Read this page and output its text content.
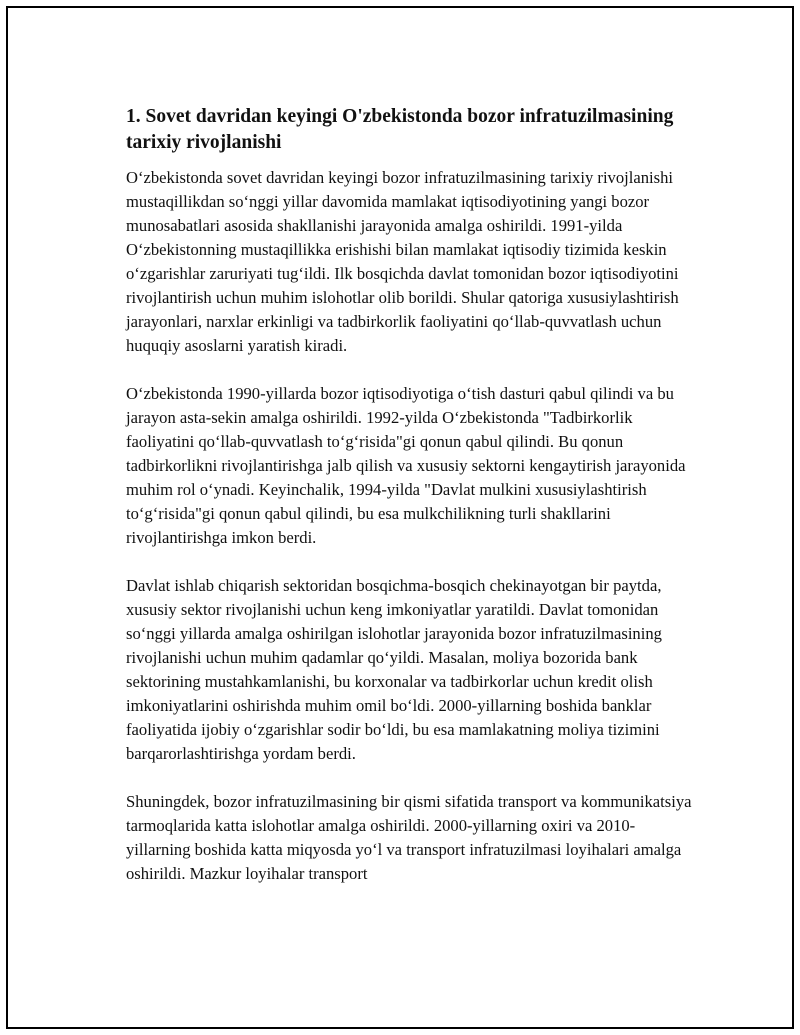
1. Sovet davridan keyingi O'zbekistonda bozor infratuzilmasining tarixiy rivojlanishi

O‘zbekistonda sovet davridan keyingi bozor infratuzilmasining tarixiy rivojlanishi mustaqillikdan so‘nggi yillar davomida mamlakat iqtisodiyotining yangi bozor munosabatlari asosida shakllanishi jarayonida amalga oshirildi. 1991-yilda O‘zbekistonning mustaqillikka erishishi bilan mamlakat iqtisodiy tizimida keskin o‘zgarishlar zaruriyati tug‘ildi. Ilk bosqichda davlat tomonidan bozor iqtisodiyotini rivojlantirish uchun muhim islohotlar olib borildi. Shular qatoriga xususiylashtirish jarayonlari, narxlar erkinligi va tadbirkorlik faoliyatini qo‘llab-quvvatlash uchun huquqiy asoslarni yaratish kiradi.

O‘zbekistonda 1990-yillarda bozor iqtisodiyotiga o‘tish dasturi qabul qilindi va bu jarayon asta-sekin amalga oshirildi. 1992-yilda O‘zbekistonda "Tadbirkorlik faoliyatini qo‘llab-quvvatlash to‘g‘risida"gi qonun qabul qilindi. Bu qonun tadbirkorlikni rivojlantirishga jalb qilish va xususiy sektorni kengaytirish jarayonida muhim rol o‘ynadi. Keyinchalik, 1994-yilda "Davlat mulkini xususiylashtirish to‘g‘risida"gi qonun qabul qilindi, bu esa mulkchilikning turli shakllarini rivojlantirishga imkon berdi.

Davlat ishlab chiqarish sektoridan bosqichma-bosqich chekinayotgan bir paytda, xususiy sektor rivojlanishi uchun keng imkoniyatlar yaratildi. Davlat tomonidan so‘nggi yillarda amalga oshirilgan islohotlar jarayonida bozor infratuzilmasining rivojlanishi uchun muhim qadamlar qo‘yildi. Masalan, moliya bozorida bank sektorining mustahkamlanishi, bu korxonalar va tadbirkorlar uchun kredit olish imkoniyatlarini oshirishda muhim omil bo‘ldi. 2000-yillarning boshida banklar faoliyatida ijobiy o‘zgarishlar sodir bo‘ldi, bu esa mamlakatning moliya tizimini barqarorlashtirishga yordam berdi.

Shuningdek, bozor infratuzilmasining bir qismi sifatida transport va kommunikatsiya tarmoqlarida katta islohotlar amalga oshirildi. 2000-yillarning oxiri va 2010-yillarning boshida katta miqyosda yo‘l va transport infratuzilmasi loyihalari amalga oshirildi. Mazkur loyihalar transport
